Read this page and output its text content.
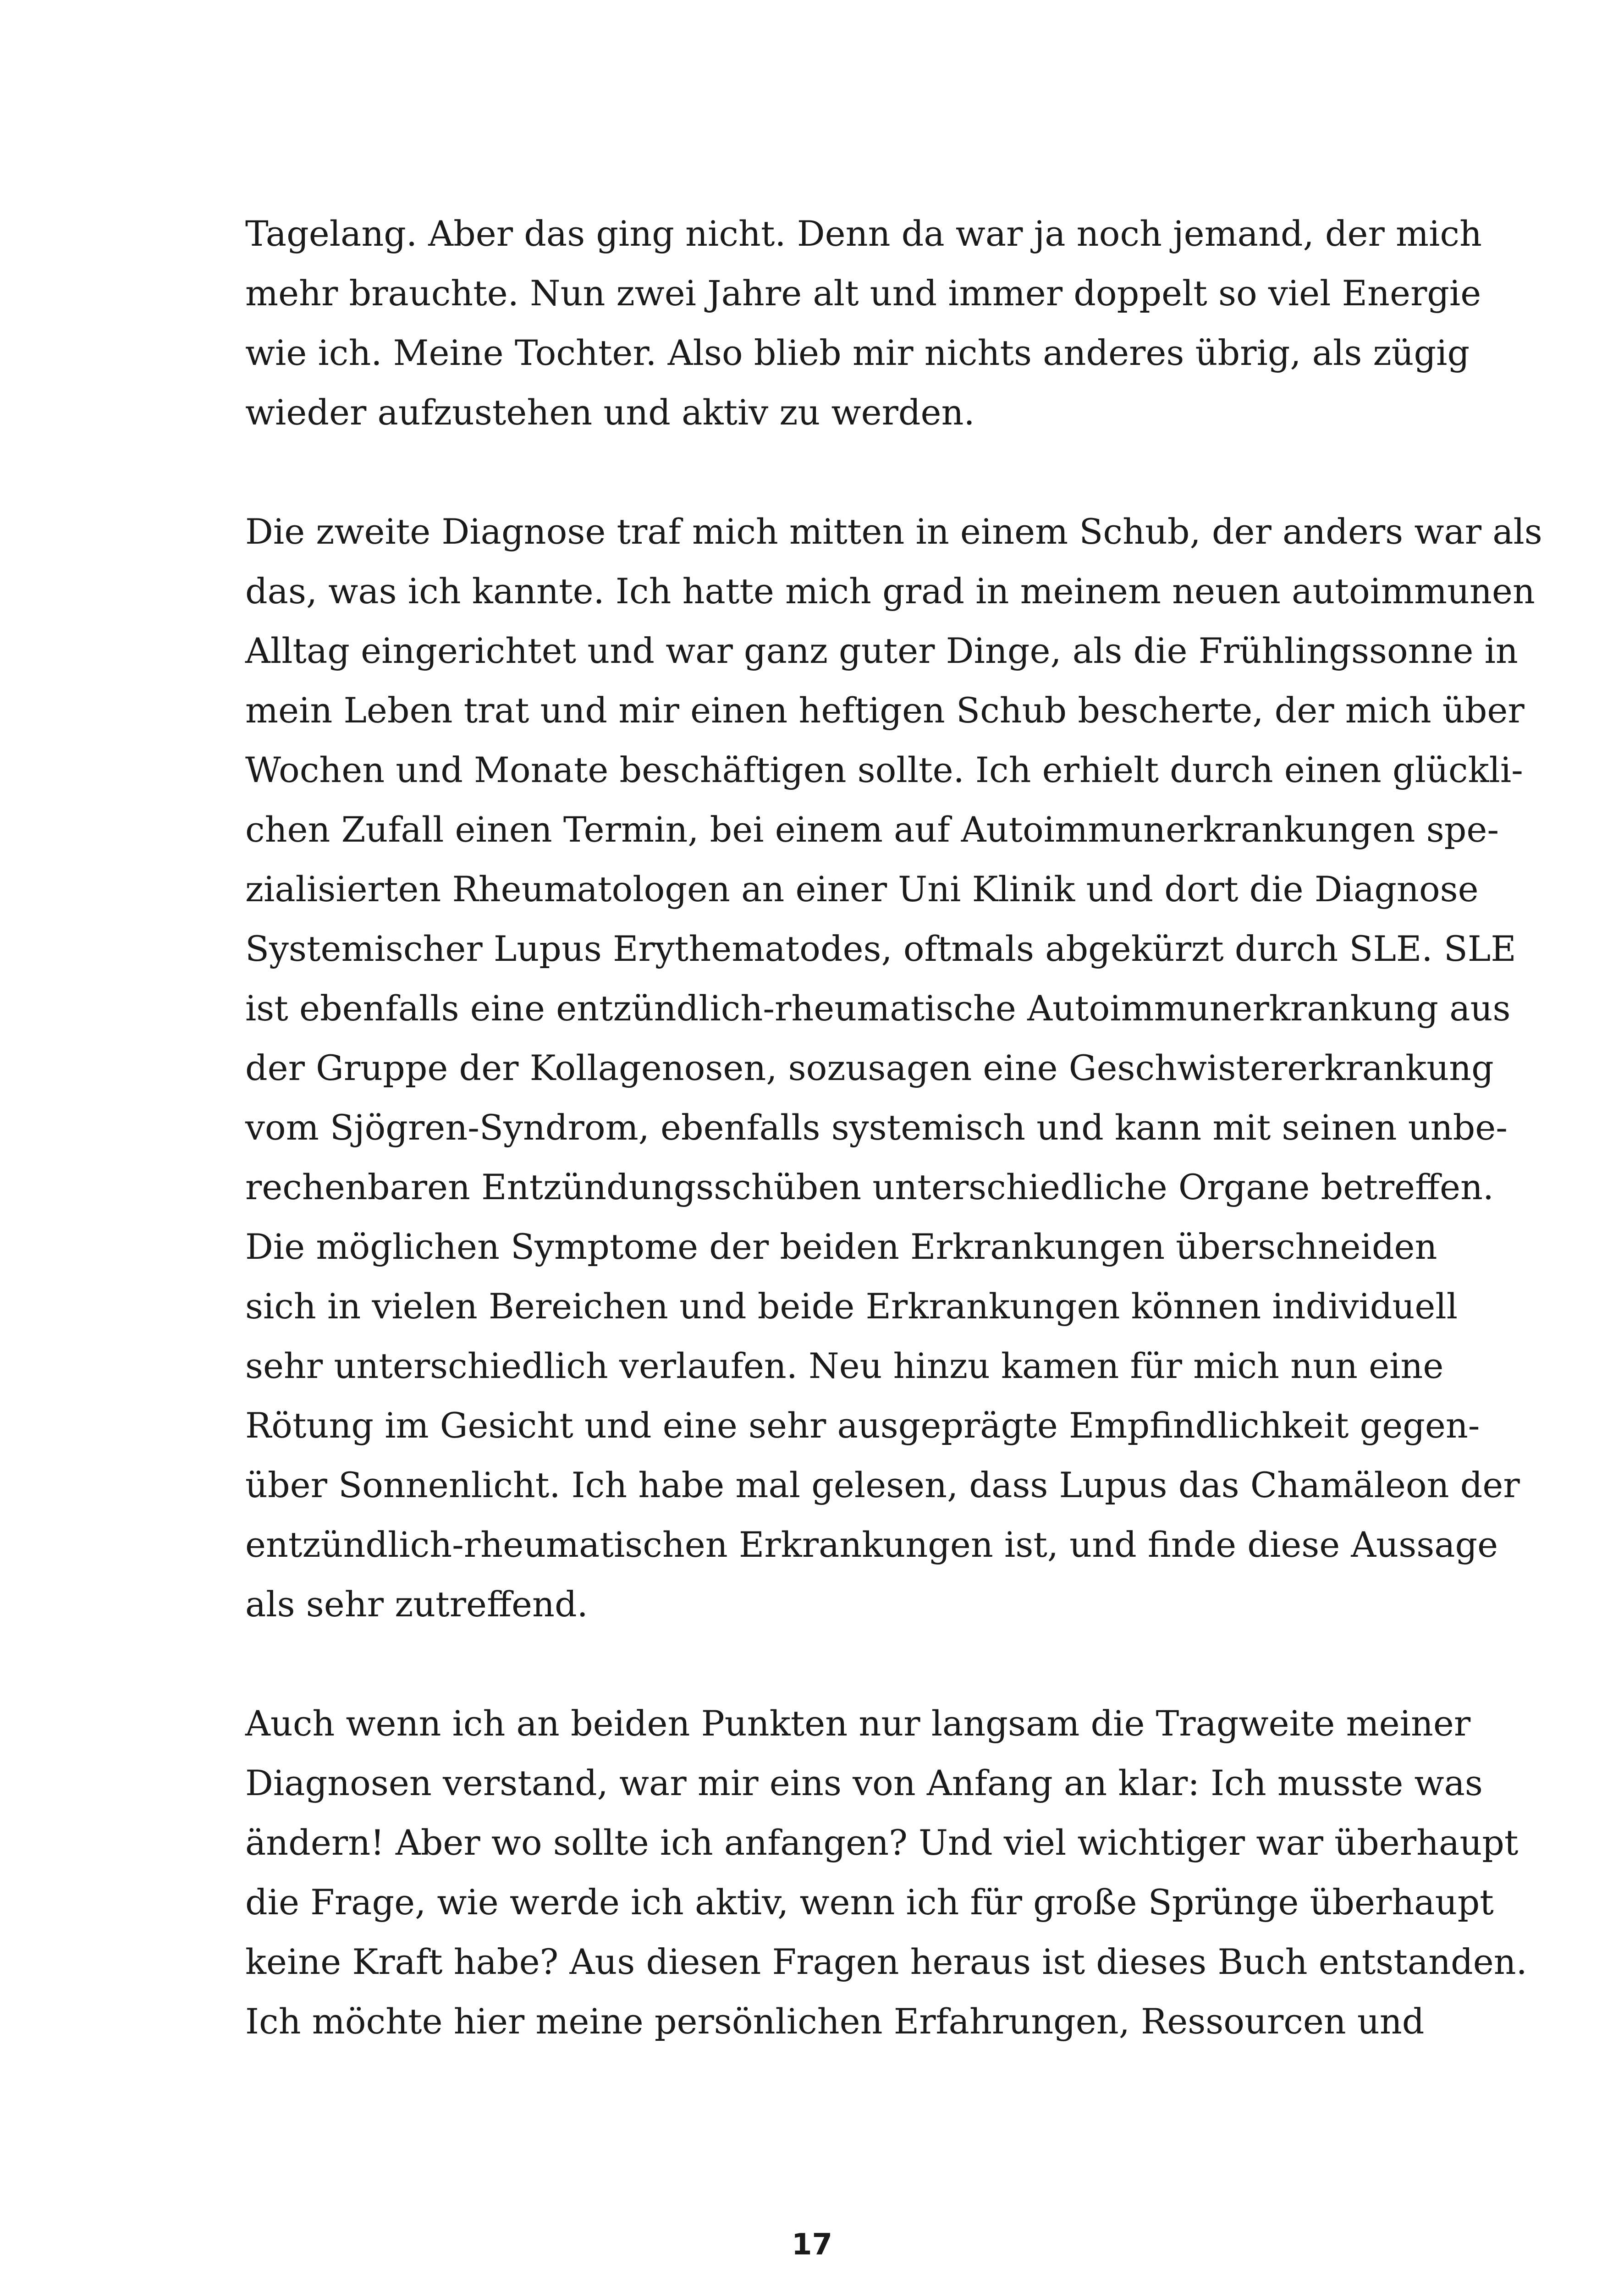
Tagelang. Aber das ging nicht. Denn da war ja noch jemand, der mich
mehr brauchte. Nun zwei Jahre alt und immer doppelt so viel Energie
wie ich. Meine Tochter. Also blieb mir nichts anderes übrig, als zügig
wieder aufzustehen und aktiv zu werden.

Die zweite Diagnose traf mich mitten in einem Schub, der anders war als
das, was ich kannte. Ich hatte mich grad in meinem neuen autoimmunen
Alltag eingerichtet und war ganz guter Dinge, als die Frühlingssonne in
mein Leben trat und mir einen heftigen Schub bescherte, der mich über
Wochen und Monate beschäftigen sollte. Ich erhielt durch einen glückli-
chen Zufall einen Termin, bei einem auf Autoimmunerkrankungen spe-
zialisierten Rheumatologen an einer Uni Klinik und dort die Diagnose
Systemischer Lupus Erythematodes, oftmals abgekürzt durch SLE. SLE
ist ebenfalls eine entzündlich-rheumatische Autoimmunerkrankung aus
der Gruppe der Kollagenosen, sozusagen eine Geschwistererkrankung
vom Sjögren-Syndrom, ebenfalls systemisch und kann mit seinen unbe-
rechenbaren Entzündungsschüben unterschiedliche Organe betreffen.
Die möglichen Symptome der beiden Erkrankungen überschneiden
sich in vielen Bereichen und beide Erkrankungen können individuell
sehr unterschiedlich verlaufen. Neu hinzu kamen für mich nun eine
Rötung im Gesicht und eine sehr ausgeprägte Empfindlichkeit gegen-
über Sonnenlicht. Ich habe mal gelesen, dass Lupus das Chamäleon der
entzündlich-rheumatischen Erkrankungen ist, und finde diese Aussage
als sehr zutreffend.

Auch wenn ich an beiden Punkten nur langsam die Tragweite meiner
Diagnosen verstand, war mir eins von Anfang an klar: Ich musste was
ändern! Aber wo sollte ich anfangen? Und viel wichtiger war überhaupt
die Frage, wie werde ich aktiv, wenn ich für große Sprünge überhaupt
keine Kraft habe? Aus diesen Fragen heraus ist dieses Buch entstanden.
Ich möchte hier meine persönlichen Erfahrungen, Ressourcen und

17
